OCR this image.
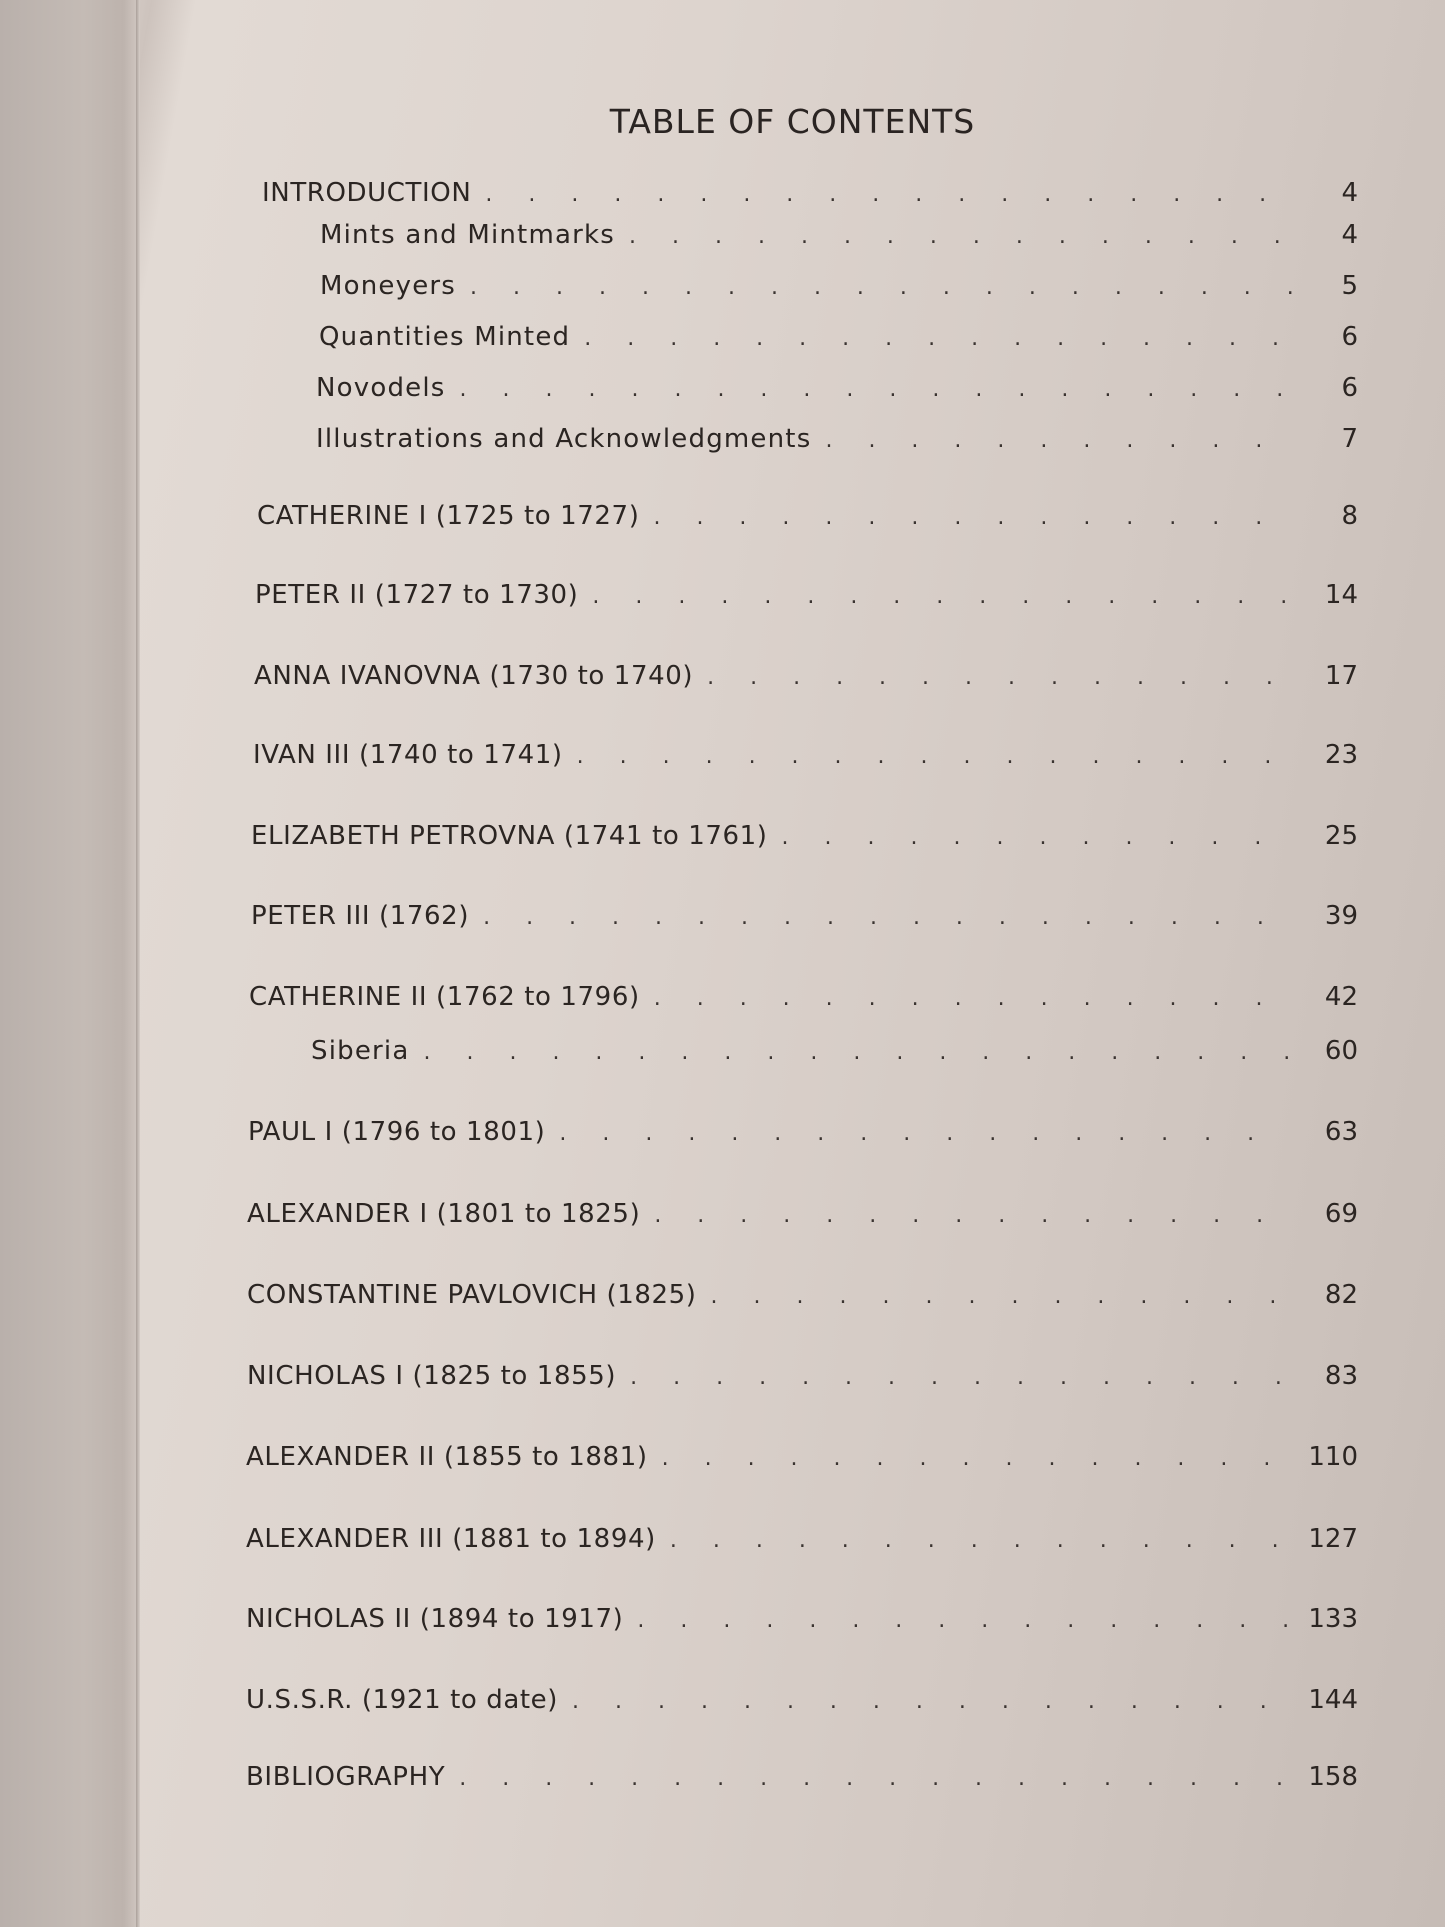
TABLE OF CONTENTS
INTRODUCTION . . .	4
Mints and Mintmarks . . .	4
Moneyers . . .	5
Quantities Minted . . .	6
Novodels . . .	6
Illustrations and Acknowledgments . . .	7
CATHERINE I (1725 to 1727) . . .	8
PETER II (1727 to 1730) . . .	14
ANNA IVANOVNA (1730 to 1740) . . .	17
IVAN III (1740 to 1741) . . .	23
ELIZABETH PETROVNA (1741 to 1761) . . .	25
PETER III (1762) . . .	39
CATHERINE II (1762 to 1796) . . .	42
Siberia . . .	60
PAUL I (1796 to 1801) . . .	63
ALEXANDER I (1801 to 1825) . . .	69
CONSTANTINE PAVLOVICH (1825) . . .	82
NICHOLAS I (1825 to 1855) . . .	83
ALEXANDER II (1855 to 1881) . . .	110
ALEXANDER III (1881 to 1894) . . .	127
NICHOLAS II (1894 to 1917) . . .	133
U.S.S.R. (1921 to date) . . .	144
BIBLIOGRAPHY . . .	158
